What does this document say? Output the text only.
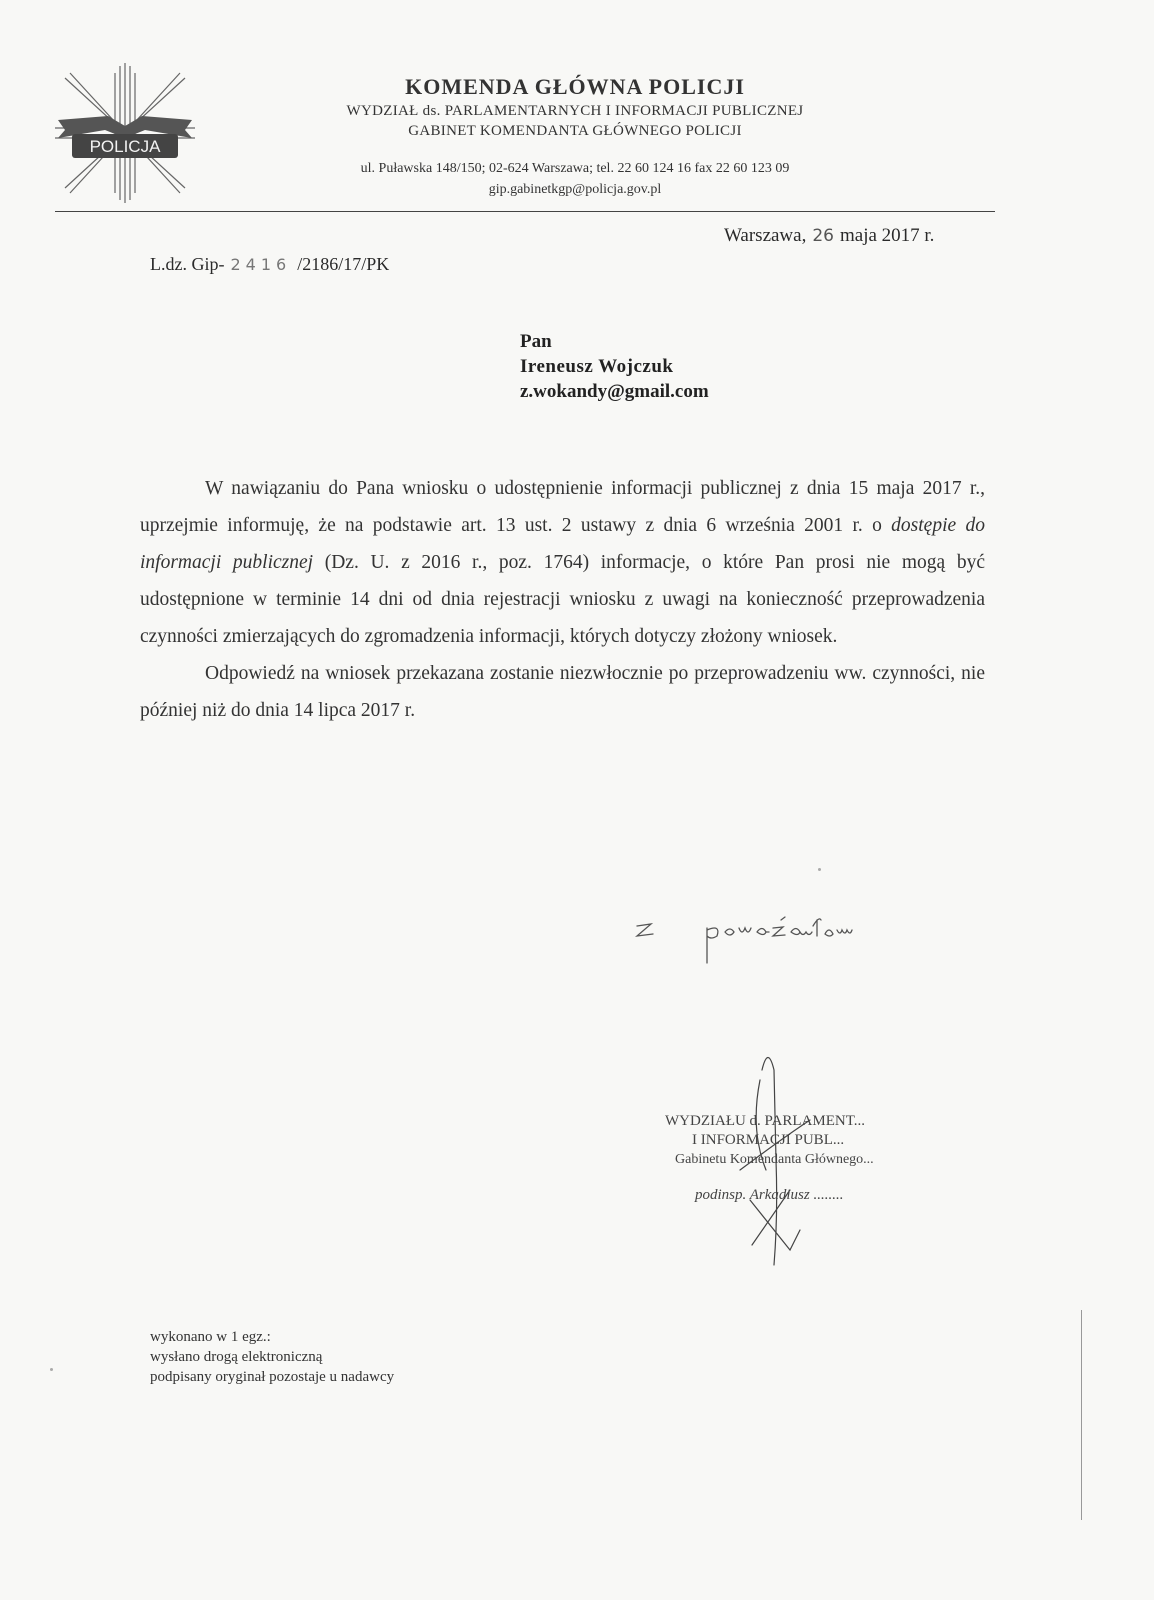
POLICJA
KOMENDA GŁÓWNA POLICJI
WYDZIAŁ ds. PARLAMENTARNYCH I INFORMACJI PUBLICZNEJ
GABINET KOMENDANTA GŁÓWNEGO POLICJI
ul. Puławska 148/150; 02-624 Warszawa; tel. 22 60 124 16 fax 22 60 123 09
gip.gabinetkgp@policja.gov.pl
Warszawa, 26 maja 2017 r.
L.dz. Gip- 2416 /2186/17/PK
Pan
Ireneusz Wojczuk
z.wokandy@gmail.com

W nawiązaniu do Pana wniosku o udostępnienie informacji publicznej z dnia 15 maja 2017 r., uprzejmie informuję, że na podstawie art. 13 ust. 2 ustawy z dnia 6 września 2001 r. o dostępie do informacji publicznej (Dz. U. z 2016 r., poz. 1764) informacje, o które Pan prosi nie mogą być udostępnione w terminie 14 dni od dnia rejestracji wniosku z uwagi na konieczność przeprowadzenia czynności zmierzających do zgromadzenia informacji, których dotyczy złożony wniosek.

Odpowiedź na wniosek przekazana zostanie niezwłocznie po przeprowadzeniu ww. czynności, nie później niż do dnia 14 lipca 2017 r.

WYDZIAŁU d. PARLAMENT...
I INFORMACJI PUBL...
Gabinetu Komendanta Głównego...
podinsp. Arkadiusz ........
wykonano w 1 egz.:
wysłano drogą elektroniczną
podpisany oryginał pozostaje u nadawcy
